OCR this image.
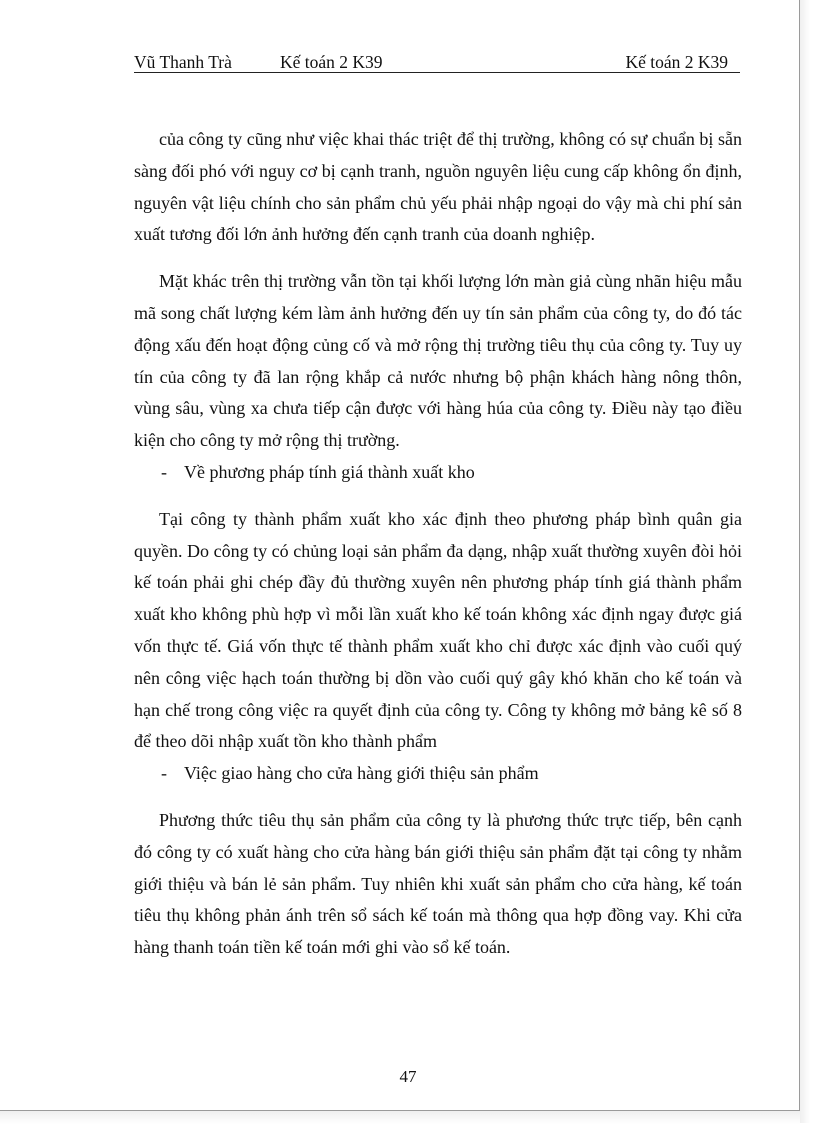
Vũ Thanh Trà	Kế toán 2 K39	Kế toán 2 K39

của công ty cũng như việc khai thác triệt để thị trường, không có sự chuẩn bị sẵn sàng đối phó với nguy cơ bị cạnh tranh, nguồn nguyên liệu cung cấp không ổn định, nguyên vật liệu chính cho sản phẩm chủ yếu phải nhập ngoại do vậy mà chi phí sản xuất tương đối lớn ảnh hưởng đến cạnh tranh của doanh nghiệp.

Mặt khác trên thị trường vẫn tồn tại khối lượng lớn màn giả cùng nhãn hiệu mẫu mã song chất lượng kém làm ảnh hưởng đến uy tín sản phẩm của công ty, do đó tác động xấu đến hoạt động củng cố và mở rộng thị trường tiêu thụ của công ty. Tuy uy tín của công ty đã lan rộng khắp cả nước nhưng bộ phận khách hàng nông thôn, vùng sâu, vùng xa chưa tiếp cận được với hàng húa của công ty. Điều này tạo điều kiện cho công ty mở rộng thị trường.

- Về phương pháp tính giá thành xuất kho

Tại công ty thành phẩm xuất kho xác định theo phương pháp bình quân gia quyền. Do công ty có chủng loại sản phẩm đa dạng, nhập xuất thường xuyên đòi hỏi kế toán phải ghi chép đầy đủ thường xuyên nên phương pháp tính giá thành phẩm xuất kho không phù hợp vì mỗi lần xuất kho kế toán không xác định ngay được giá vốn thực tế. Giá vốn thực tế thành phẩm xuất kho chỉ được xác định vào cuối quý nên công việc hạch toán thường bị dồn vào cuối quý gây khó khăn cho kế toán và hạn chế trong công việc ra quyết định của công ty. Công ty không mở bảng kê số 8 để theo dõi nhập xuất tồn kho thành phẩm

- Việc giao hàng cho cửa hàng giới thiệu sản phẩm

Phương thức tiêu thụ sản phẩm của công ty là phương thức trực tiếp, bên cạnh đó công ty có xuất hàng cho cửa hàng bán giới thiệu sản phẩm đặt tại công ty nhằm giới thiệu và bán lẻ sản phẩm. Tuy nhiên khi xuất sản phẩm cho cửa hàng, kế toán tiêu thụ không phản ánh trên sổ sách kế toán mà thông qua hợp đồng vay. Khi cửa hàng thanh toán tiền kế toán mới ghi vào sổ kế toán.

47
